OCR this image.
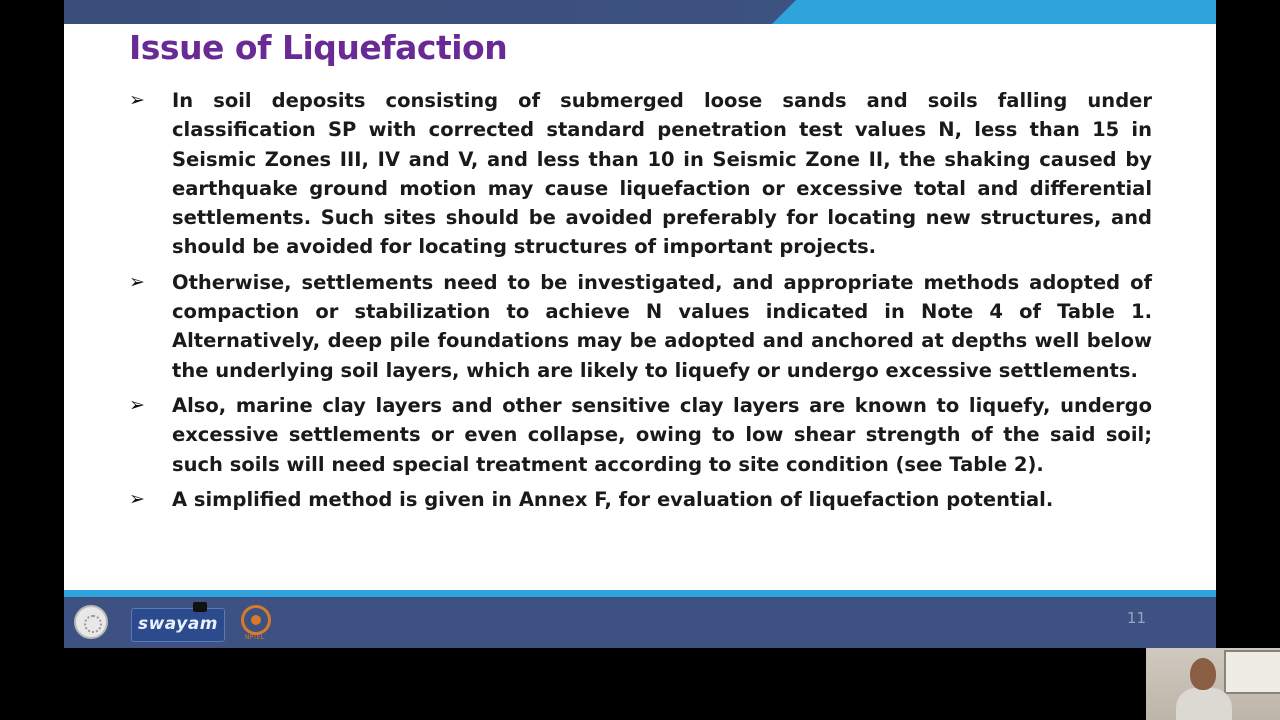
Issue of Liquefaction
➢ In soil deposits consisting of submerged loose sands and soils falling under classification SP with corrected standard penetration test values N, less than 15 in Seismic Zones III, IV and V, and less than 10 in Seismic Zone II, the shaking caused by earthquake ground motion may cause liquefaction or excessive total and differential settlements. Such sites should be avoided preferably for locating new structures, and should be avoided for locating structures of important projects.
➢ Otherwise, settlements need to be investigated, and appropriate methods adopted of compaction or stabilization to achieve N values indicated in Note 4 of Table 1. Alternatively, deep pile foundations may be adopted and anchored at depths well below the underlying soil layers, which are likely to liquefy or undergo excessive settlements.
➢ Also, marine clay layers and other sensitive clay layers are known to liquefy, undergo excessive settlements or even collapse, owing to low shear strength of the said soil; such soils will need special treatment according to site condition (see Table 2).
➢ A simplified method is given in Annex F, for evaluation of liquefaction potential.
swayam
NPTEL
11
